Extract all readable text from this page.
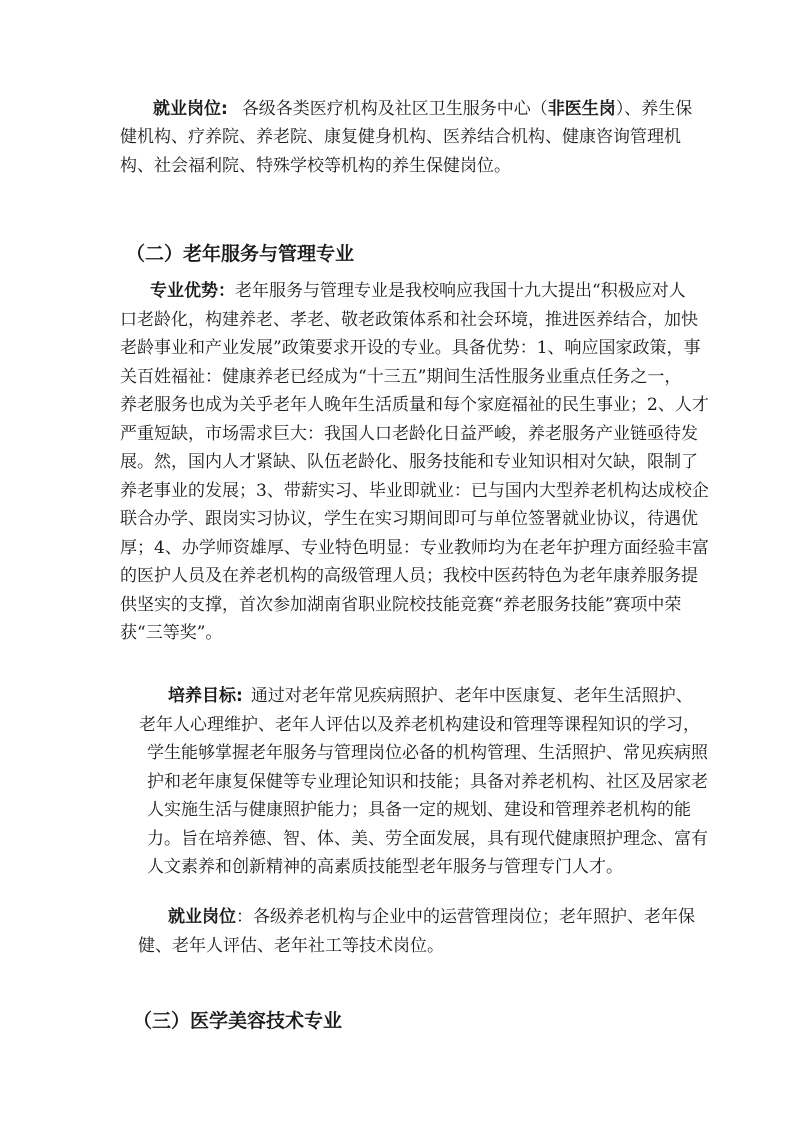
就业岗位: 各级各类医疗机构及社区卫生服务中心（非医生岗）、养生保

健机构、疗养院、养老院、康复健身机构、医养结合机构、健康咨询管理机
构、社会福利院、特殊学校等机构的养生保健岗位。

（二）老年服务与管理专业
专业优势：老年服务与管理专业是我校响应我国十九大提出“积极应对人
口老龄化，构建养老、孝老、敬老政策体系和社会环境，推进医养结合，加快
老龄事业和产业发展”政策要求开设的专业。具备优势：1、响应国家政策，事
关百姓福祉：健康养老已经成为“十三五”期间生活性服务业重点任务之一，
养老服务也成为关乎老年人晚年生活质量和每个家庭福祉的民生事业；2、人才
严重短缺，市场需求巨大：我国人口老龄化日益严峻，养老服务产业链亟待发
展。然，国内人才紧缺、队伍老龄化、服务技能和专业知识相对欠缺，限制了
养老事业的发展；3、带薪实习、毕业即就业：已与国内大型养老机构达成校企
联合办学、跟岗实习协议，学生在实习期间即可与单位签署就业协议，待遇优
厚；4、办学师资雄厚、专业特色明显：专业教师均为在老年护理方面经验丰富
的医护人员及在养老机构的高级管理人员；我校中医药特色为老年康养服务提
供坚实的支撑，首次参加湖南省职业院校技能竞赛“养老服务技能”赛项中荣
获“三等奖”。
培养目标: 通过对老年常见疾病照护、老年中医康复、老年生活照护、
老年人心理维护、老年人评估以及养老机构建设和管理等课程知识的学习，
学生能够掌握老年服务与管理岗位必备的机构管理、生活照护、常见疾病照
护和老年康复保健等专业理论知识和技能；具备对养老机构、社区及居家老
人实施生活与健康照护能力；具备一定的规划、建设和管理养老机构的能
力。旨在培养德、智、体、美、劳全面发展，具有现代健康照护理念、富有
人文素养和创新精神的高素质技能型老年服务与管理专门人才。
就业岗位：各级养老机构与企业中的运营管理岗位；老年照护、老年保
健、老年人评估、老年社工等技术岗位。
（三）医学美容技术专业
